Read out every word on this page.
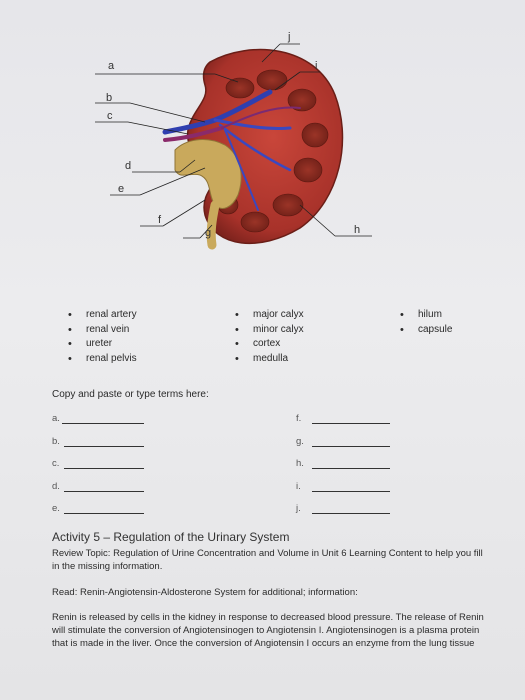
a
b
c
d
e
f
g	h
i
j
• renal artery
• renal vein
• ureter
• renal pelvis
• major calyx
• minor calyx
• cortex
• medulla
• hilum
• capsule
Copy and paste or type terms here:
a.
b.
c.
d.
e.
f.
g.
h.
i.
j.
Activity 5 – Regulation of the Urinary System
Review Topic: Regulation of Urine Concentration and Volume in Unit 6 Learning Content to help you fill in the missing information.
Read: Renin-Angiotensin-Aldosterone System for additional; information:
Renin is released by cells in the kidney in response to decreased blood pressure. The release of Renin will stimulate the conversion of Angiotensinogen to Angiotensin I. Angiotensinogen is a plasma protein that is made in the liver. Once the conversion of Angiotensin I occurs an enzyme from the lung tissue
